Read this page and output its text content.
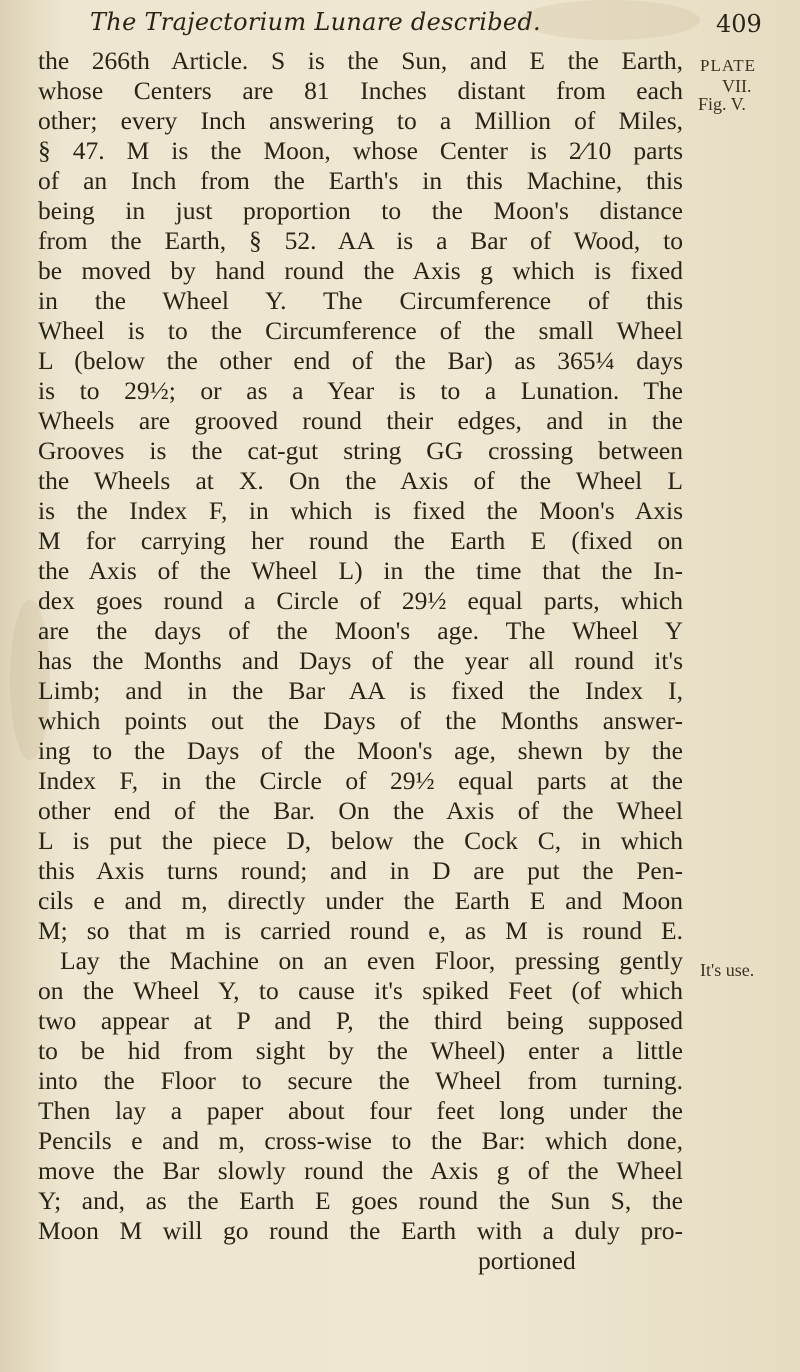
The Trajectorium Lunare described.	409
PLATE
VII.
Fig. V.
It's use.
the 266th Article. S is the Sun, and E the Earth,
whose Centers are 81 Inches distant from each
other; every Inch answering to a Million of Miles,
§ 47. M is the Moon, whose Center is 2⁄10 parts
of an Inch from the Earth's in this Machine, this
being in just proportion to the Moon's distance
from the Earth, § 52. AA is a Bar of Wood, to
be moved by hand round the Axis g which is fixed
in the Wheel Y. The Circumference of this
Wheel is to the Circumference of the small Wheel
L (below the other end of the Bar) as 365¼ days
is to 29½; or as a Year is to a Lunation. The
Wheels are grooved round their edges, and in the
Grooves is the cat-gut string GG crossing between
the Wheels at X. On the Axis of the Wheel L
is the Index F, in which is fixed the Moon's Axis
M for carrying her round the Earth E (fixed on
the Axis of the Wheel L) in the time that the In-
dex goes round a Circle of 29½ equal parts, which
are the days of the Moon's age. The Wheel Y
has the Months and Days of the year all round it's
Limb; and in the Bar AA is fixed the Index I,
which points out the Days of the Months answer-
ing to the Days of the Moon's age, shewn by the
Index F, in the Circle of 29½ equal parts at the
other end of the Bar. On the Axis of the Wheel
L is put the piece D, below the Cock C, in which
this Axis turns round; and in D are put the Pen-
cils e and m, directly under the Earth E and Moon
M; so that m is carried round e, as M is round E.
Lay the Machine on an even Floor, pressing gently
on the Wheel Y, to cause it's spiked Feet (of which
two appear at P and P, the third being supposed
to be hid from sight by the Wheel) enter a little
into the Floor to secure the Wheel from turning.
Then lay a paper about four feet long under the
Pencils e and m, cross-wise to the Bar: which done,
move the Bar slowly round the Axis g of the Wheel
Y; and, as the Earth E goes round the Sun S, the
Moon M will go round the Earth with a duly pro-
portioned
